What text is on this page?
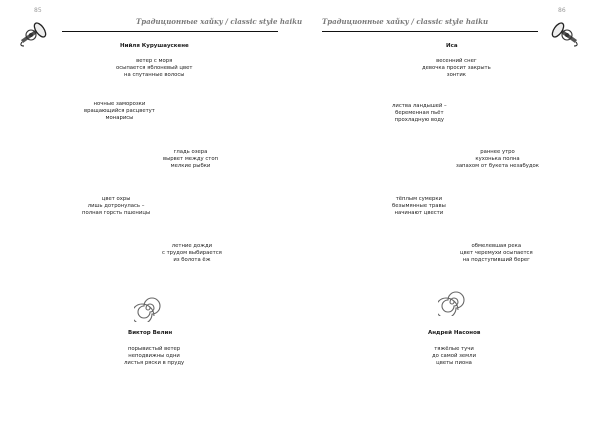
85
Традиционные хайку / classic style haiku
Нийля Курушаускене
ветер с моря
осыпается яблоневый цвет
на спутанные волосы
ночные заморозки
вращающийся расцветут
монарисы
гладь озера
вырвет между стоп
мелкие рыбки
цвет охры
лишь дотронулась –
полная горсть пшеницы
летние дожди
с трудом выбирается
из болота ёж
Виктор Велин
порывистый ветер
неподвижны одни
листья ряски в пруду
86
Традиционные хайку / classic style haiku
Иса
весенний снег
девочка просит закрыть
зонтик
листва ландышей –
беременная пьёт
прохладную воду
раннее утро
кухонька полна
запахом от букета незабудок
тёплым сумерки
безымянные травы
начинают цвести
обмелевшая река
цвет черемухи осыпается
на подступивший берег
Андрей Насонов
тяжёлые тучи
до самой земли
цветы пиона
